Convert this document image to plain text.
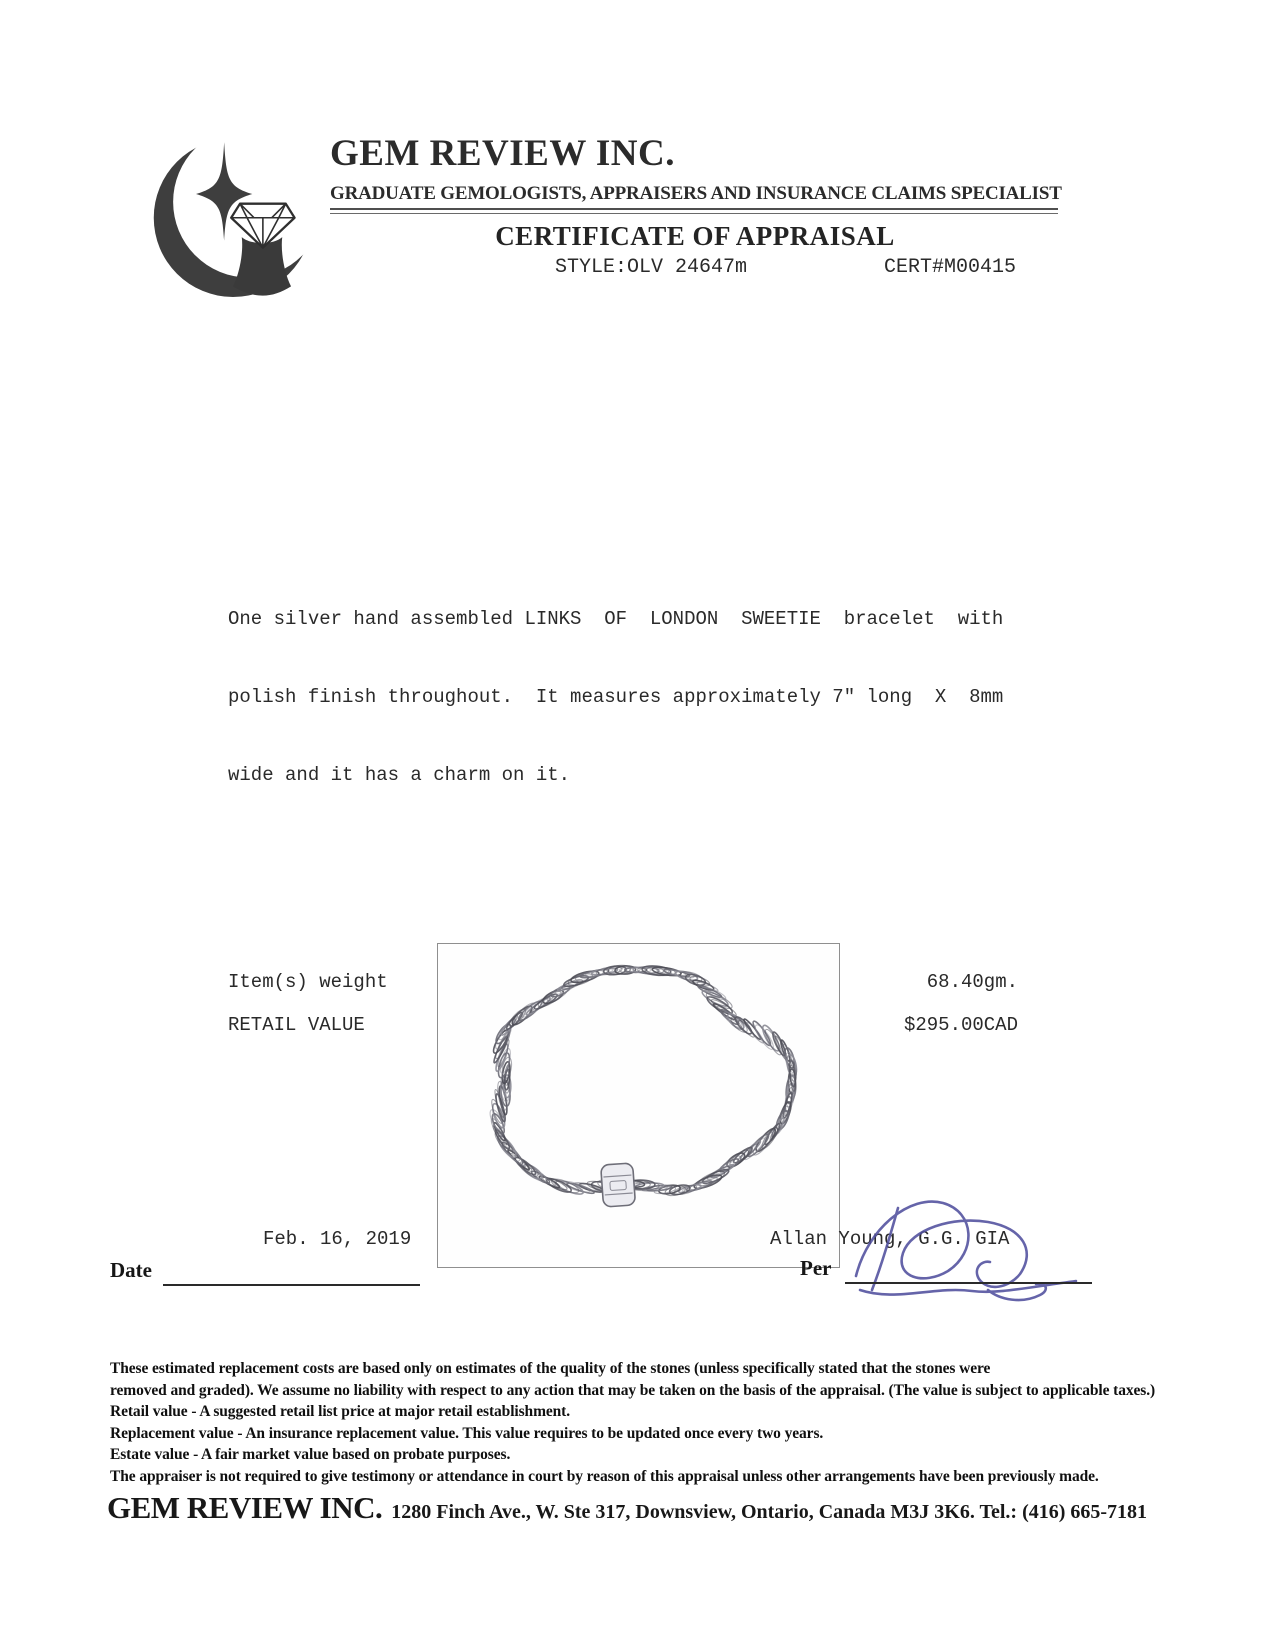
GEM REVIEW INC.
GRADUATE GEMOLOGISTS, APPRAISERS AND INSURANCE CLAIMS SPECIALIST
CERTIFICATE OF APPRAISAL
STYLE:OLV 24647m	CERT#M00415

One silver hand assembled LINKS  OF  LONDON  SWEETIE  bracelet  with

polish finish throughout.  It measures approximately 7" long  X  8mm

wide and it has a charm on it.

Item(s) weight	68.40gm.
RETAIL VALUE	$295.00CAD
Feb. 16, 2019	Allan Young, G.G. GIA
Date	Per
These estimated replacement costs are based only on estimates of the quality of the stones (unless specifically stated that the stones were
removed and graded). We assume no liability with respect to any action that may be taken on the basis of the appraisal. (The value is subject to applicable taxes.)
Retail value - A suggested retail list price at major retail establishment.
Replacement value - An insurance replacement value. This value requires to be updated once every two years.
Estate value - A fair market value based on probate purposes.
The appraiser is not required to give testimony or attendance in court by reason of this appraisal unless other arrangements have been previously made.
GEM REVIEW INC. 1280 Finch Ave., W. Ste 317, Downsview, Ontario, Canada M3J 3K6. Tel.: (416) 665-7181
